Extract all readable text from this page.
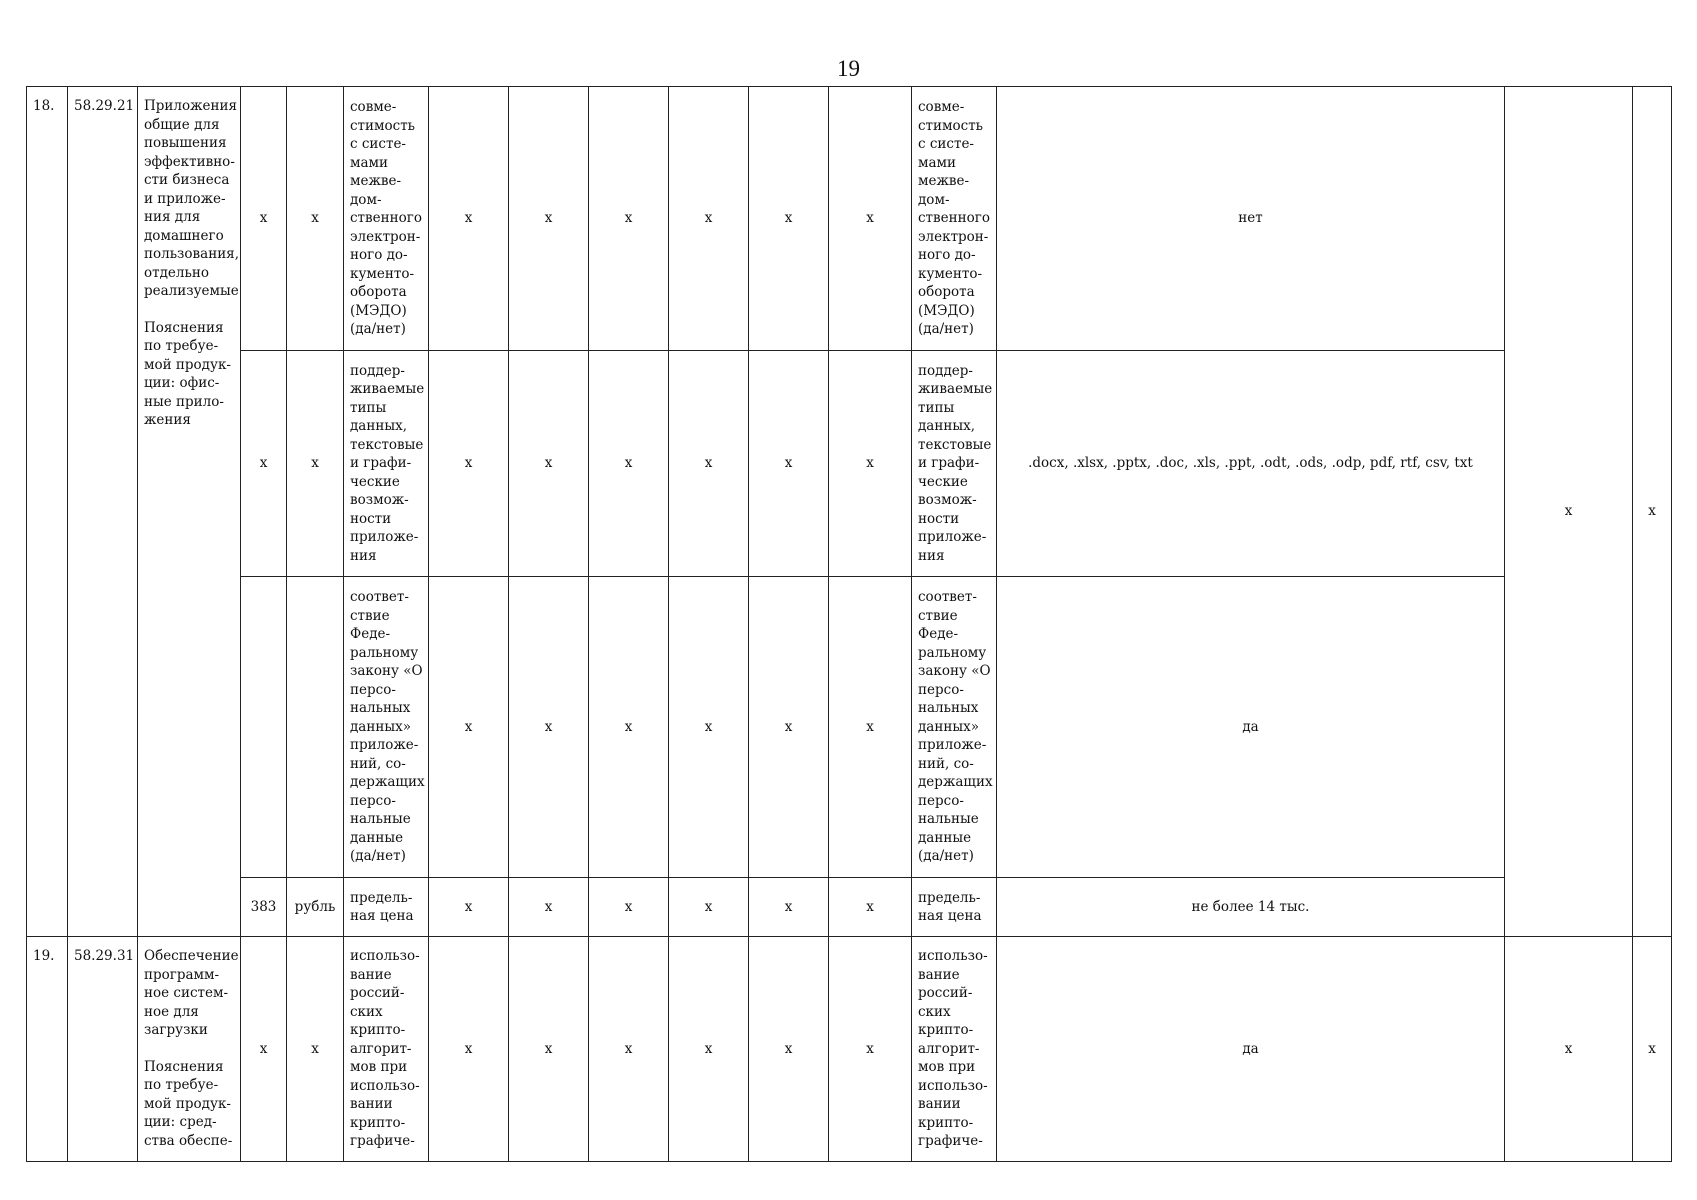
19
18.	58.29.21	Приложения общие для повышения эффективно-сти бизнеса и приложе-ния для домашнего пользования, отдельно реализуемые
Пояснения по требуе-мой продук-ции: офис-ные прило-жения	х	х	совме-стимость с систе-мами межве-дом-ственного электрон-ного до-кументо-оборота (МЭДО) (да/нет)	х	х	х	х	х	х	совме-стимость с систе-мами межве-дом-ственного электрон-ного до-кументо-оборота (МЭДО) (да/нет)	нет	х	х
			х	х	поддер-живаемые типы данных, текстовые и графи-ческие возмож-ности приложе-ния	х	х	х	х	х	х	поддер-живаемые типы данных, текстовые и графи-ческие возмож-ности приложе-ния	.docx, .xlsx, .pptx, .doc, .xls, .ppt, .odt, .ods, .odp, pdf, rtf, csv, txt		
					соответ-ствие Феде-ральному закону «О персо-нальных данных» приложе-ний, со-держащих персо-нальные данные (да/нет)	х	х	х	х	х	х	соответ-ствие Феде-ральному закону «О персо-нальных данных» приложе-ний, со-держащих персо-нальные данные (да/нет)	да		
			383	рубль	предель-ная цена	х	х	х	х	х	х	предель-ная цена	не более 14 тыс.		
19.	58.29.31	Обеспечение программ-ное систем-ное для загрузки
Пояснения по требуе-мой продук-ции: сред-ства обеспе-	х	х	использо-вание россий-ских крипто-алгорит-мов при использо-вании крипто-графиче-	х	х	х	х	х	х	использо-вание россий-ских крипто-алгорит-мов при использо-вании крипто-графиче-	да	х	х
